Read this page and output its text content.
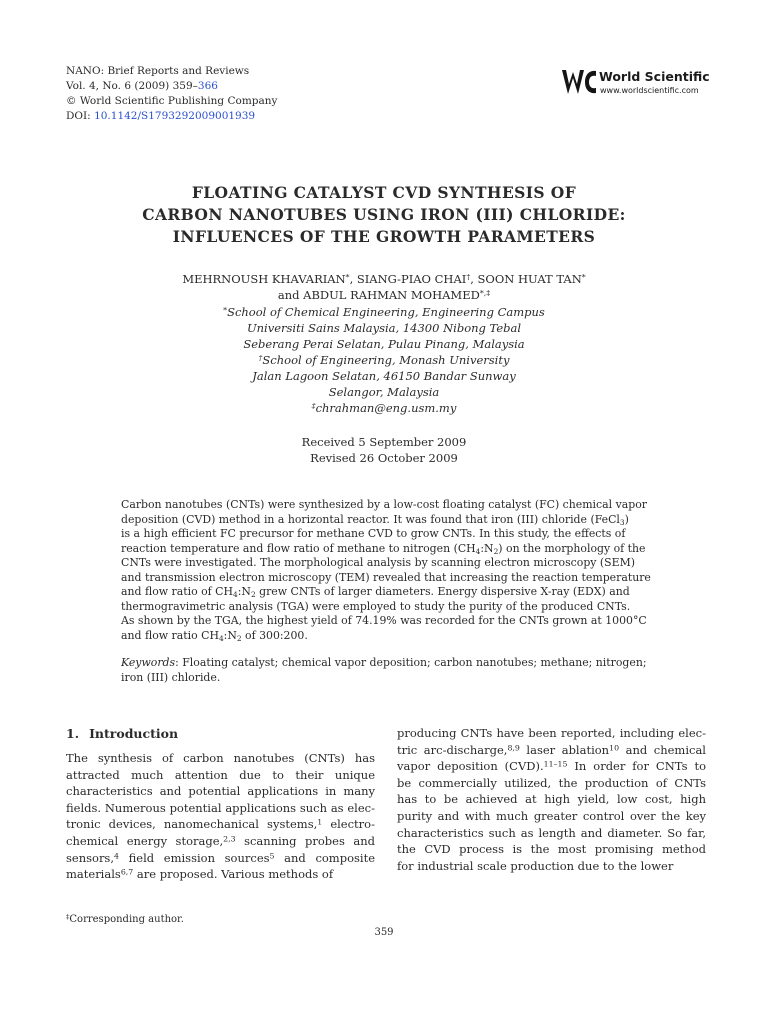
NANO: Brief Reports and Reviews
Vol. 4, No. 6 (2009) 359–366
© World Scientific Publishing Company
DOI: 10.1142/S1793292009001939
World Scientific
www.worldscientific.com
FLOATING CATALYST CVD SYNTHESIS OF
CARBON NANOTUBES USING IRON (III) CHLORIDE:
INFLUENCES OF THE GROWTH PARAMETERS
MEHRNOUSH KHAVARIAN*, SIANG-PIAO CHAI†, SOON HUAT TAN*
and ABDUL RAHMAN MOHAMED*,‡
*School of Chemical Engineering, Engineering Campus
Universiti Sains Malaysia, 14300 Nibong Tebal
Seberang Perai Selatan, Pulau Pinang, Malaysia
†School of Engineering, Monash University
Jalan Lagoon Selatan, 46150 Bandar Sunway
Selangor, Malaysia
‡chrahman@eng.usm.my
Received 5 September 2009
Revised 26 October 2009
Carbon nanotubes (CNTs) were synthesized by a low-cost floating catalyst (FC) chemical vapor
deposition (CVD) method in a horizontal reactor. It was found that iron (III) chloride (FeCl$_3$)
is a high efficient FC precursor for methane CVD to grow CNTs. In this study, the effects of
reaction temperature and flow ratio of methane to nitrogen $(CH_4:N_2)$ on the morphology of the
CNTs were investigated. The morphological analysis by scanning electron microscopy (SEM)
and transmission electron microscopy (TEM) revealed that increasing the reaction temperature
and flow ratio of $CH_4:N_2$ grew CNTs of larger diameters. Energy dispersive X-ray (EDX) and
thermogravimetric analysis (TGA) were employed to study the purity of the produced CNTs.
As shown by the TGA, the highest yield of 74.19% was recorded for the CNTs grown at 1000°C
and flow ratio $CH_4:N_2$ of 300:200.
Keywords: Floating catalyst; chemical vapor deposition; carbon nanotubes; methane; nitrogen;
iron (III) chloride.
1. Introduction
The synthesis of carbon nanotubes (CNTs) has
attracted much attention due to their unique
characteristics and potential applications in many
fields. Numerous potential applications such as elec-
tronic devices, nanomechanical systems,$^1$ electro-
chemical energy storage,$^{2,3}$ scanning probes and
sensors,$^4$ field emission sources$^5$ and composite
materials$^{6,7}$ are proposed. Various methods of
producing CNTs have been reported, including elec-
tric arc-discharge,$^{8,9}$ laser ablation$^{10}$ and chemical
vapor deposition (CVD).$^{11-15}$ In order for CNTs to
be commercially utilized, the production of CNTs
has to be achieved at high yield, low cost, high
purity and with much greater control over the key
characteristics such as length and diameter. So far,
the CVD process is the most promising method
for industrial scale production due to the lower
‡Corresponding author.
359
